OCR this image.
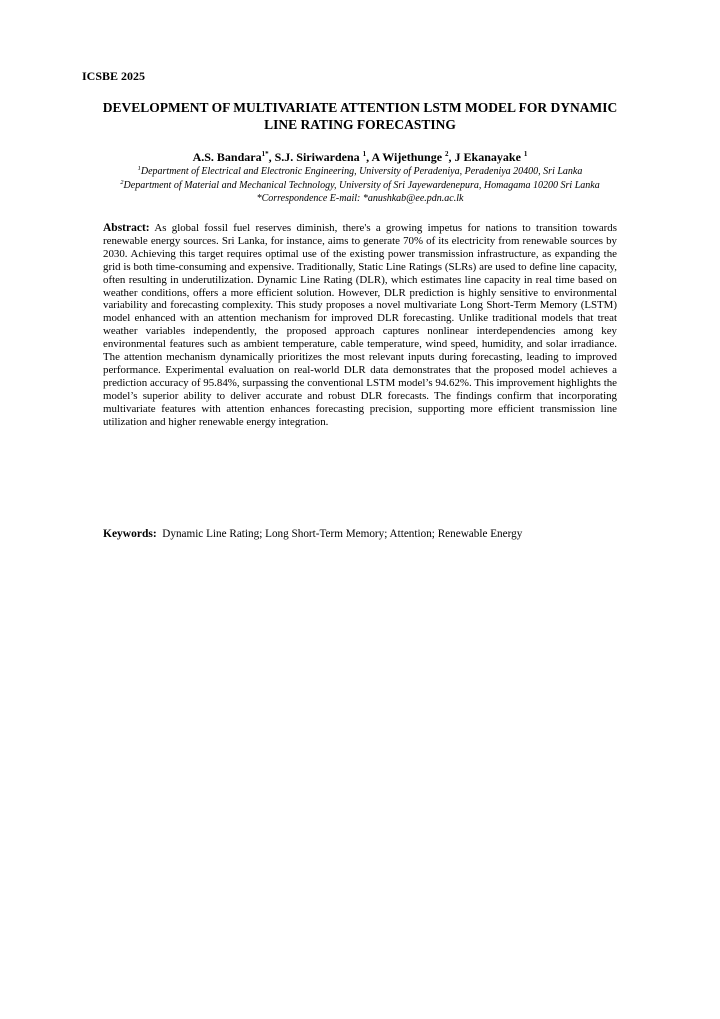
ICSBE 2025
DEVELOPMENT OF MULTIVARIATE ATTENTION LSTM MODEL FOR DYNAMIC
LINE RATING FORECASTING
A.S. Bandara$^{1*}$, S.J. Siriwardena $^1$, A Wijethunge $^2$, J Ekanayake $^1$
$^1$Department of Electrical and Electronic Engineering, University of Peradeniya, Peradeniya 20400, Sri Lanka
$^2$Department of Material and Mechanical Technology, University of Sri Jayewardenepura, Homagama 10200 Sri Lanka
*Correspondence E-mail: *anushkab@ee.pdn.ac.lk
Abstract: As global fossil fuel reserves diminish, there's a growing impetus for nations to transition towards renewable energy sources. Sri Lanka, for instance, aims to generate 70% of its electricity from renewable sources by 2030. Achieving this target requires optimal use of the existing power transmission infrastructure, as expanding the grid is both time-consuming and expensive. Traditionally, Static Line Ratings (SLRs) are used to define line capacity, often resulting in underutilization. Dynamic Line Rating (DLR), which estimates line capacity in real time based on weather conditions, offers a more efficient solution. However, DLR prediction is highly sensitive to environmental variability and forecasting complexity. This study proposes a novel multivariate Long Short-Term Memory (LSTM) model enhanced with an attention mechanism for improved DLR forecasting. Unlike traditional models that treat weather variables independently, the proposed approach captures nonlinear interdependencies among key environmental features such as ambient temperature, cable temperature, wind speed, humidity, and solar irradiance. The attention mechanism dynamically prioritizes the most relevant inputs during forecasting, leading to improved performance. Experimental evaluation on real-world DLR data demonstrates that the proposed model achieves a prediction accuracy of 95.84%, surpassing the conventional LSTM model’s 94.62%. This improvement highlights the model’s superior ability to deliver accurate and robust DLR forecasts. The findings confirm that incorporating multivariate features with attention enhances forecasting precision, supporting more efficient transmission line utilization and higher renewable energy integration.
Keywords: Dynamic Line Rating; Long Short-Term Memory; Attention; Renewable Energy
